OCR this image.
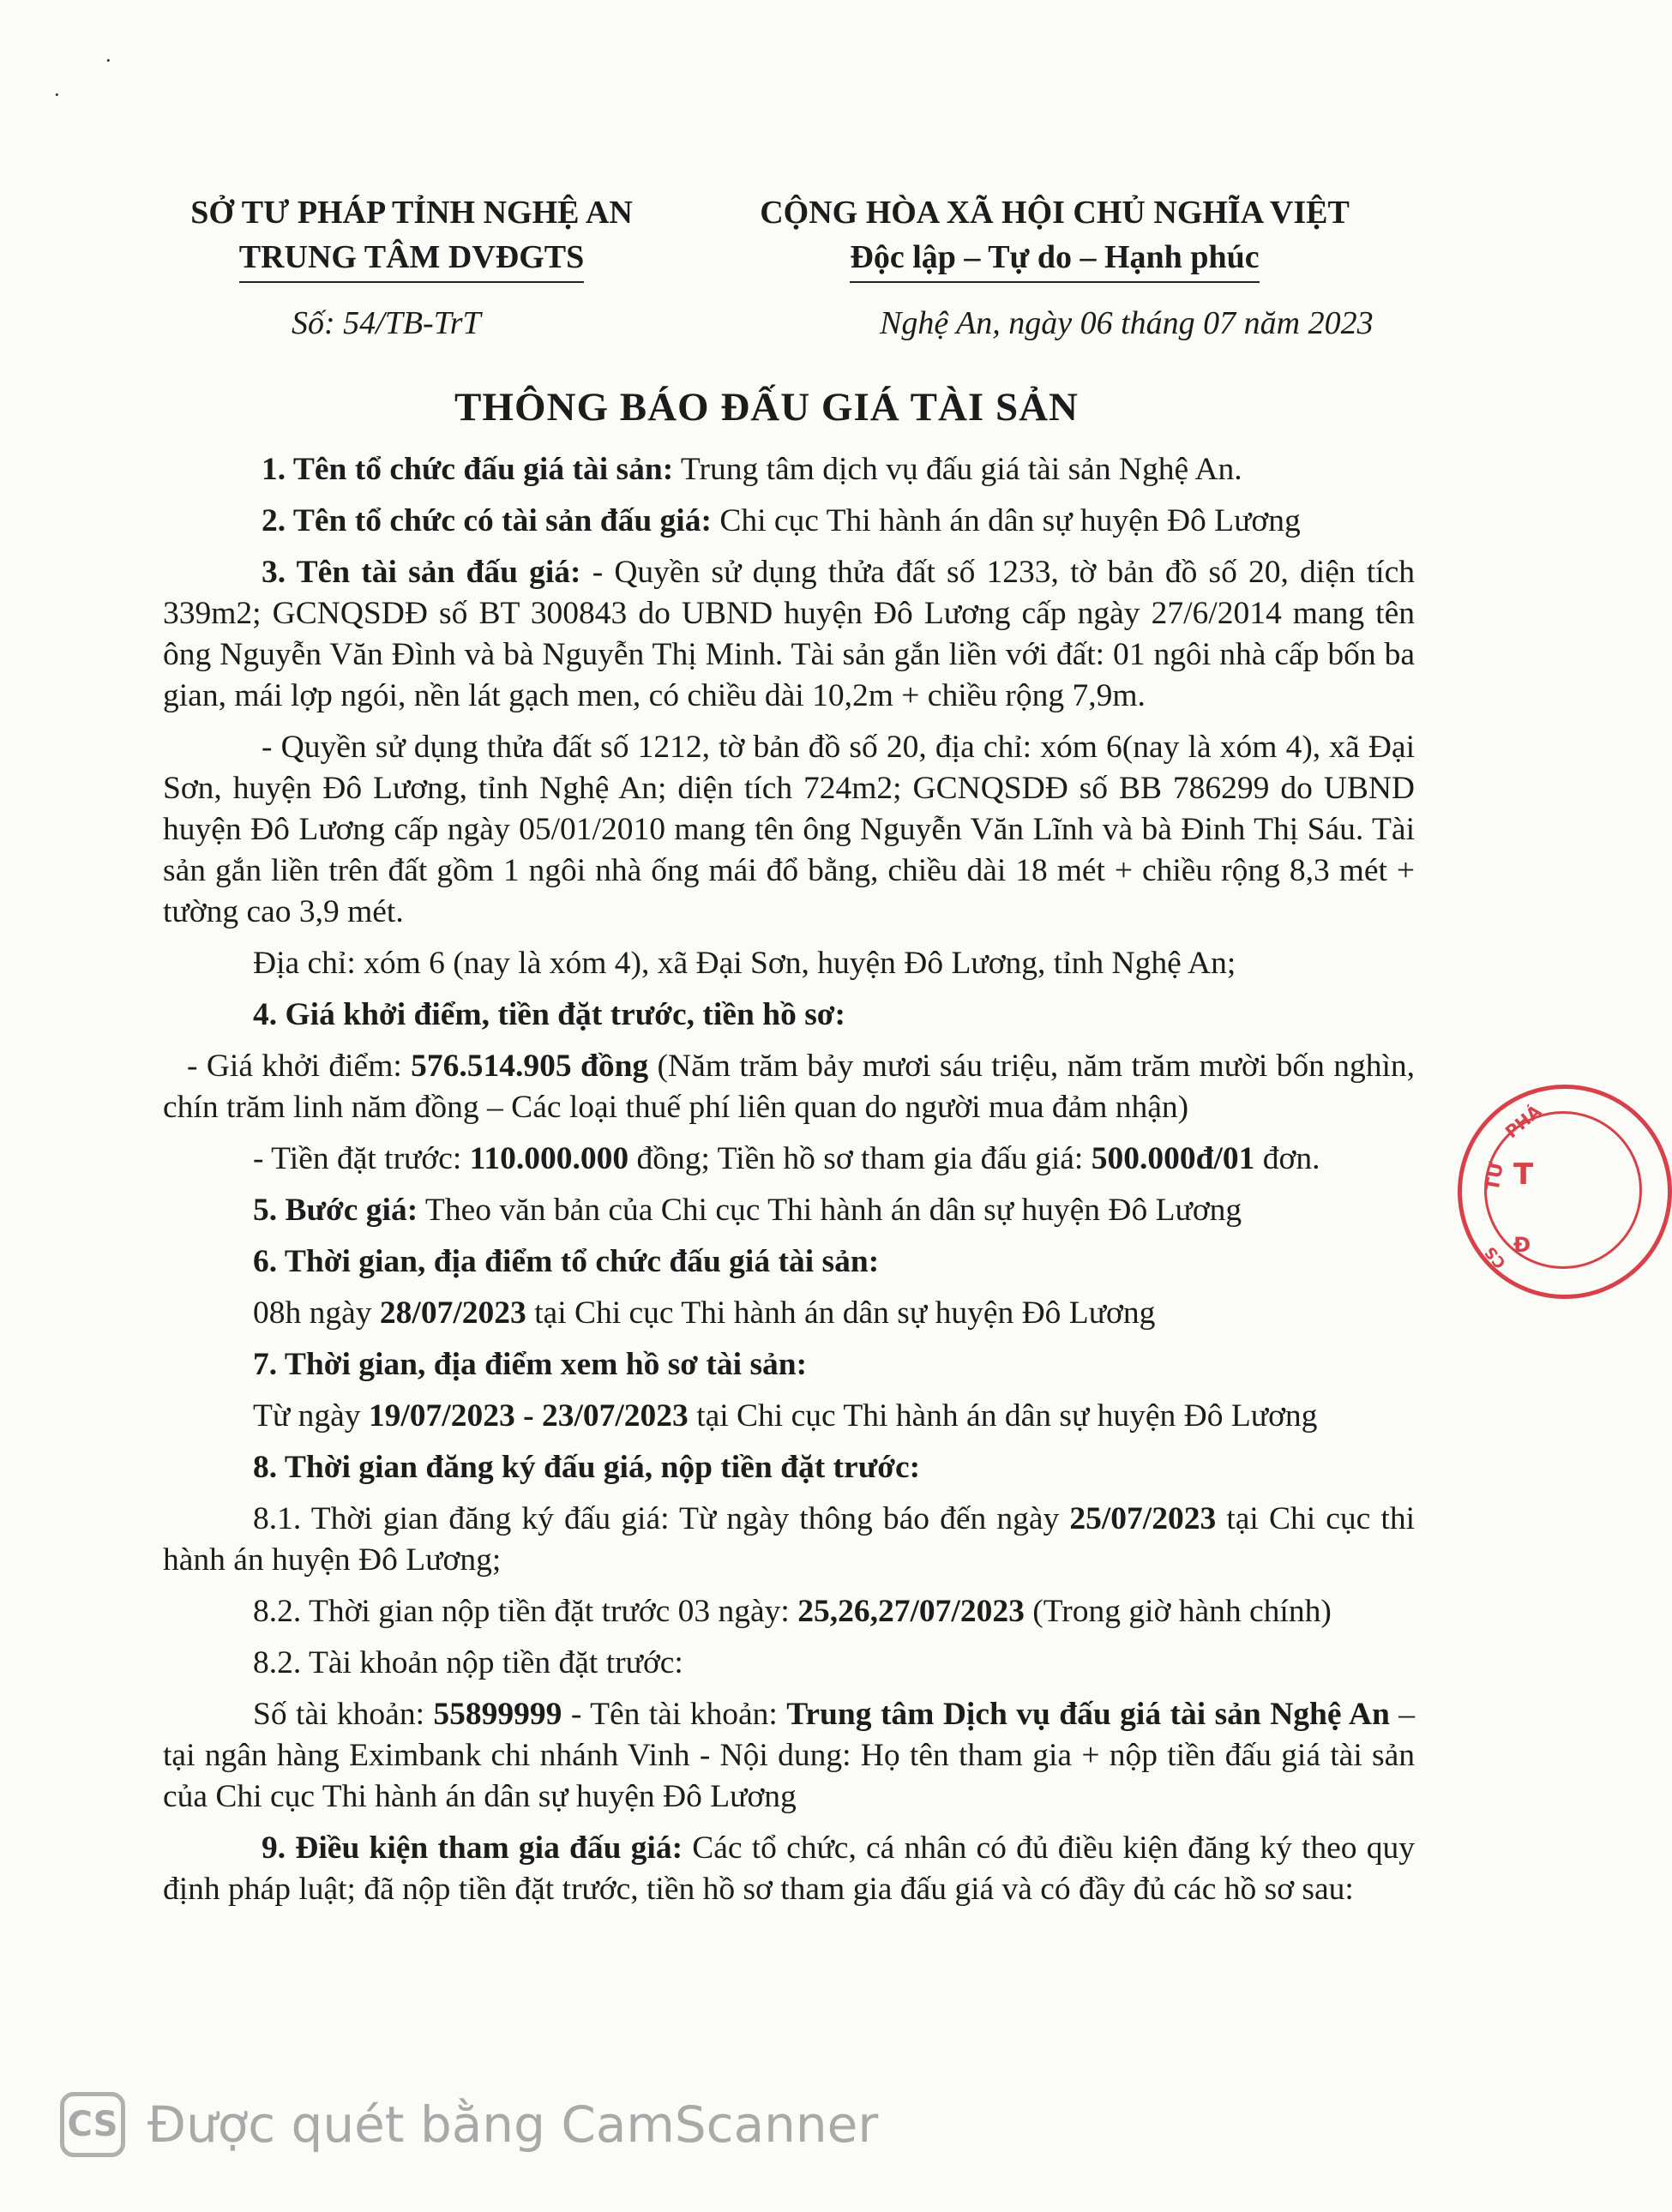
·
·
SỞ TƯ PHÁP TỈNH NGHỆ AN
TRUNG TÂM DVĐGTS
CỘNG HÒA XÃ HỘI CHỦ NGHĨA VIỆT
Độc lập – Tự do – Hạnh phúc
Số: 54/TB-TrT	Nghệ An, ngày 06 tháng 07 năm 2023
THÔNG BÁO ĐẤU GIÁ TÀI SẢN

1. Tên tổ chức đấu giá tài sản: Trung tâm dịch vụ đấu giá tài sản Nghệ An.

2. Tên tổ chức có tài sản đấu giá: Chi cục Thi hành án dân sự huyện Đô Lương

3. Tên tài sản đấu giá: - Quyền sử dụng thửa đất số 1233, tờ bản đồ số 20, diện tích 339m2; GCNQSDĐ số BT 300843 do UBND huyện Đô Lương cấp ngày 27/6/2014 mang tên ông Nguyễn Văn Đình và bà Nguyễn Thị Minh. Tài sản gắn liền với đất: 01 ngôi nhà cấp bốn ba gian, mái lợp ngói, nền lát gạch men, có chiều dài 10,2m + chiều rộng 7,9m.

- Quyền sử dụng thửa đất số 1212, tờ bản đồ số 20, địa chỉ: xóm 6(nay là xóm 4), xã Đại Sơn, huyện Đô Lương, tỉnh Nghệ An; diện tích 724m2; GCNQSDĐ số BB 786299 do UBND huyện Đô Lương cấp ngày 05/01/2010 mang tên ông Nguyễn Văn Lĩnh và bà Đinh Thị Sáu. Tài sản gắn liền trên đất gồm 1 ngôi nhà ống mái đổ bằng, chiều dài 18 mét + chiều rộng 8,3 mét + tường cao 3,9 mét.

Địa chỉ: xóm 6 (nay là xóm 4), xã Đại Sơn, huyện Đô Lương, tỉnh Nghệ An;

4. Giá khởi điểm, tiền đặt trước, tiền hồ sơ:

- Giá khởi điểm: 576.514.905 đồng (Năm trăm bảy mươi sáu triệu, năm trăm mười bốn nghìn, chín trăm linh năm đồng – Các loại thuế phí liên quan do người mua đảm nhận)

- Tiền đặt trước: 110.000.000 đồng; Tiền hồ sơ tham gia đấu giá: 500.000đ/01 đơn.

5. Bước giá: Theo văn bản của Chi cục Thi hành án dân sự huyện Đô Lương

6. Thời gian, địa điểm tổ chức đấu giá tài sản:

08h ngày 28/07/2023 tại Chi cục Thi hành án dân sự huyện Đô Lương

7. Thời gian, địa điểm xem hồ sơ tài sản:

Từ ngày 19/07/2023 - 23/07/2023 tại Chi cục Thi hành án dân sự huyện Đô Lương

8. Thời gian đăng ký đấu giá, nộp tiền đặt trước:

8.1. Thời gian đăng ký đấu giá: Từ ngày thông báo đến ngày 25/07/2023 tại Chi cục thi hành án huyện Đô Lương;

8.2. Thời gian nộp tiền đặt trước 03 ngày: 25,26,27/07/2023 (Trong giờ hành chính)

8.2. Tài khoản nộp tiền đặt trước:

Số tài khoản: 55899999 - Tên tài khoản: Trung tâm Dịch vụ đấu giá tài sản Nghệ An – tại ngân hàng Eximbank chi nhánh Vinh - Nội dung: Họ tên tham gia + nộp tiền đấu giá tài sản của Chi cục Thi hành án dân sự huyện Đô Lương

9. Điều kiện tham gia đấu giá: Các tổ chức, cá nhân có đủ điều kiện đăng ký theo quy định pháp luật; đã nộp tiền đặt trước, tiền hồ sơ tham gia đấu giá và có đầy đủ các hồ sơ sau:

TƯ
PHÁ
T
Đ
CS
CS Được quét bằng CamScanner
